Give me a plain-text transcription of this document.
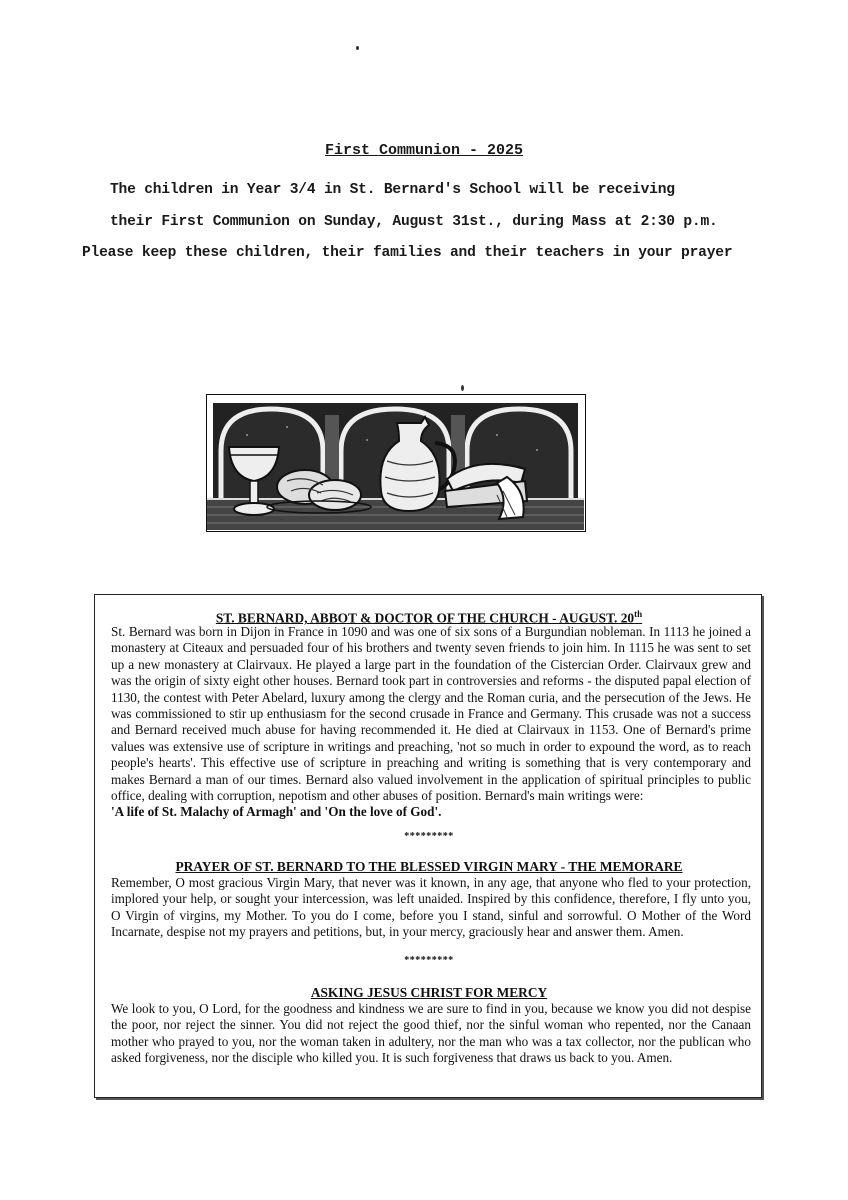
First Communion - 2025
The children in Year 3/4 in St. Bernard's School will be receiving
their First Communion on Sunday, August 31st., during Mass at 2:30 p.m.
Please keep these children, their families and their teachers in your prayer
ST. BERNARD, ABBOT & DOCTOR OF THE CHURCH - AUGUST. 20th

St. Bernard was born in Dijon in France in 1090 and was one of six sons of a Burgundian nobleman. In 1113 he joined a monastery at Citeaux and persuaded four of his brothers and twenty seven friends to join him. In 1115 he was sent to set up a new monastery at Clairvaux. He played a large part in the foundation of the Cistercian Order. Clairvaux grew and was the origin of sixty eight other houses. Bernard took part in controversies and reforms - the disputed papal election of 1130, the contest with Peter Abelard, luxury among the clergy and the Roman curia, and the persecution of the Jews. He was commissioned to stir up enthusiasm for the second crusade in France and Germany. This crusade was not a success and Bernard received much abuse for having recommended it. He died at Clairvaux in 1153. One of Bernard's prime values was extensive use of scripture in writings and preaching, 'not so much in order to expound the word, as to reach people's hearts'. This effective use of scripture in preaching and writing is something that is very contemporary and makes Bernard a man of our times. Bernard also valued involvement in the application of spiritual principles to public office, dealing with corruption, nepotism and other abuses of position. Bernard's main writings were:
'A life of St. Malachy of Armagh' and 'On the love of God'.

*********
PRAYER OF ST. BERNARD TO THE BLESSED VIRGIN MARY - THE MEMORARE

Remember, O most gracious Virgin Mary, that never was it known, in any age, that anyone who fled to your protection, implored your help, or sought your intercession, was left unaided. Inspired by this confidence, therefore, I fly unto you, O Virgin of virgins, my Mother. To you do I come, before you I stand, sinful and sorrowful. O Mother of the Word Incarnate, despise not my prayers and petitions, but, in your mercy, graciously hear and answer them. Amen.

*********
ASKING JESUS CHRIST FOR MERCY

We look to you, O Lord, for the goodness and kindness we are sure to find in you, because we know you did not despise the poor, nor reject the sinner. You did not reject the good thief, nor the sinful woman who repented, nor the Canaan mother who prayed to you, nor the woman taken in adultery, nor the man who was a tax collector, nor the publican who asked forgiveness, nor the disciple who killed you. It is such forgiveness that draws us back to you. Amen.
